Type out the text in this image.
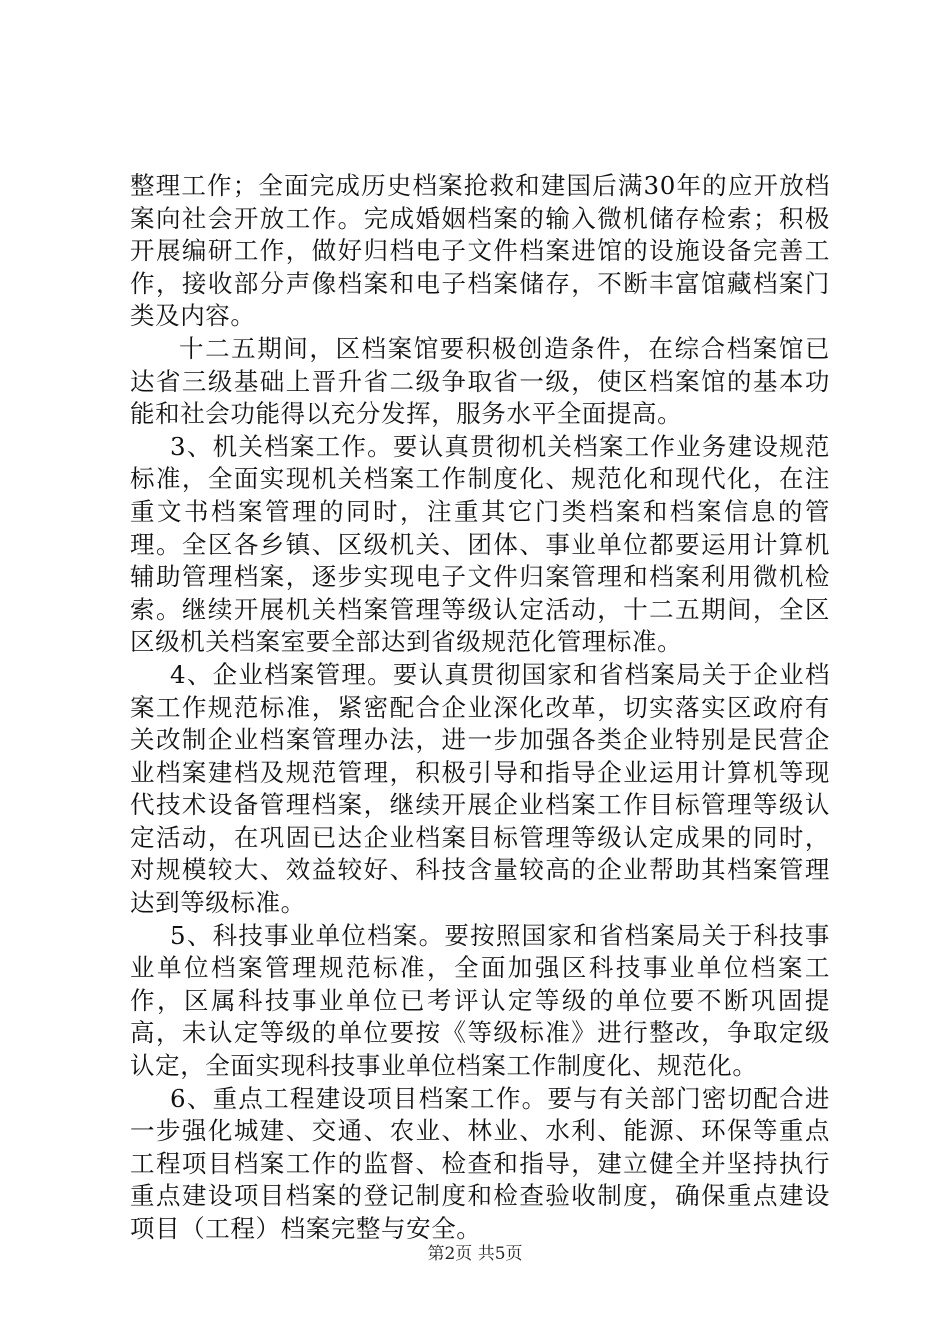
整理工作；全面完成历史档案抢救和建国后满30年的应开放档案向社会开放工作。完成婚姻档案的输入微机储存检索；积极开展编研工作，做好归档电子文件档案进馆的设施设备完善工作，接收部分声像档案和电子档案储存，不断丰富馆藏档案门类及内容。

十二五期间，区档案馆要积极创造条件，在综合档案馆已达省三级基础上晋升省二级争取省一级，使区档案馆的基本功能和社会功能得以充分发挥，服务水平全面提高。

3、机关档案工作。要认真贯彻机关档案工作业务建设规范标准，全面实现机关档案工作制度化、规范化和现代化，在注重文书档案管理的同时，注重其它门类档案和档案信息的管理。全区各乡镇、区级机关、团体、事业单位都要运用计算机辅助管理档案，逐步实现电子文件归案管理和档案利用微机检索。继续开展机关档案管理等级认定活动，十二五期间，全区区级机关档案室要全部达到省级规范化管理标准。

4、企业档案管理。要认真贯彻国家和省档案局关于企业档案工作规范标准，紧密配合企业深化改革，切实落实区政府有关改制企业档案管理办法，进一步加强各类企业特别是民营企业档案建档及规范管理，积极引导和指导企业运用计算机等现代技术设备管理档案，继续开展企业档案工作目标管理等级认定活动，在巩固已达企业档案目标管理等级认定成果的同时，对规模较大、效益较好、科技含量较高的企业帮助其档案管理达到等级标准。

5、科技事业单位档案。要按照国家和省档案局关于科技事业单位档案管理规范标准，全面加强区科技事业单位档案工作，区属科技事业单位已考评认定等级的单位要不断巩固提高，未认定等级的单位要按《等级标准》进行整改，争取定级认定，全面实现科技事业单位档案工作制度化、规范化。

6、重点工程建设项目档案工作。要与有关部门密切配合进一步强化城建、交通、农业、林业、水利、能源、环保等重点工程项目档案工作的监督、检查和指导，建立健全并坚持执行重点建设项目档案的登记制度和检查验收制度，确保重点建设项目（工程）档案完整与安全。

第2页 共5页
